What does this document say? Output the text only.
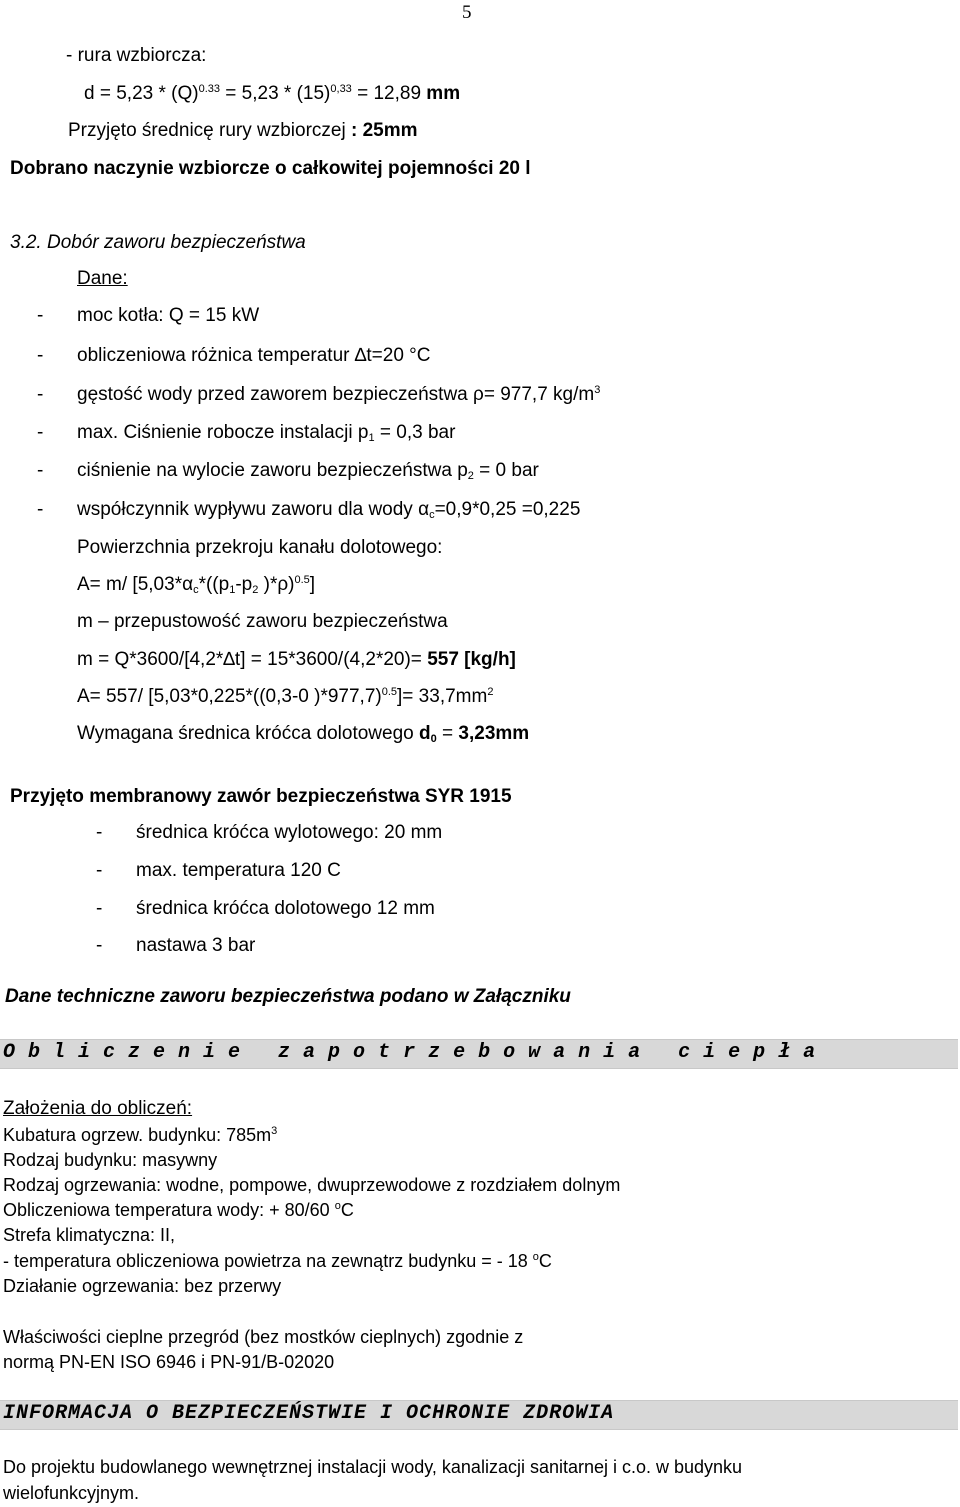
5
- rura wzbiorcza:
$d = 5,23 * (Q)^{0.33} = 5,23 * (15)^{0,33} = 12,89$ mm
Przyjęto średnicę rury wzbiorczej : 25mm
Dobrano naczynie wzbiorcze o całkowitej pojemności 20 l
3.2. Dobór zaworu bezpieczeństwa
Dane:
- moc kotła: Q = 15 kW
- obliczeniowa różnica temperatur ∆t=20 °C
- gęstość wody przed zaworem bezpieczeństwa ρ= 977,7 $kg/m^3$
- max. Ciśnienie robocze instalacji $p_1 = 0,3$ bar
- ciśnienie na wylocie zaworu bezpieczeństwa $p_2 = 0$ bar
- współczynnik wypływu zaworu dla wody $\alpha_c=0,9*0,25 =0,225$
Powierzchnia przekroju kanału dolotowego:
A= m/ [$5,03*\alpha_c*((p_1-p_2$ )*ρ)$^{0.5}$]
m – przepustowość zaworu bezpieczeństwa
m = Q*3600/[4,2*∆t] = 15*3600/(4,2*20)= 557 [kg/h]
A= 557/ [5,03*0,225*((0,3-0 )$*977,7)^{0.5}]= 33,7mm^2$
Wymagana średnica króćca dolotowego $d_0 = 3,23mm$
Przyjęto membranowy zawór bezpieczeństwa SYR 1915
- średnica króćca wylotowego: 20 mm
- max. temperatura 120 C
- średnica króćca dolotowego 12 mm
- nastawa 3 bar
Dane techniczne zaworu bezpieczeństwa podano w Załączniku
O b l i c z e n i e   z a p o t r z e b o w a n i a   c i e p ł a
Założenia do obliczeń:
Kubatura ogrzew. budynku: $785m^3$
Rodzaj budynku: masywny
Rodzaj ogrzewania: wodne, pompowe, dwuprzewodowe z rozdziałem dolnym
Obliczeniowa temperatura wody: + 80/60 $^o$C
Strefa klimatyczna: II,
- temperatura obliczeniowa powietrza na zewnątrz budynku = - 18 $^o$C
Działanie ogrzewania: bez przerwy
Właściwości cieplne przegród (bez mostków cieplnych) zgodnie z
normą PN-EN ISO 6946 i PN-91/B-02020
INFORMACJA O BEZPIECZEŃSTWIE I OCHRONIE ZDROWIA
Do projektu budowlanego wewnętrznej instalacji wody, kanalizacji sanitarnej i c.o. w budynku
wielofunkcyjnym.
